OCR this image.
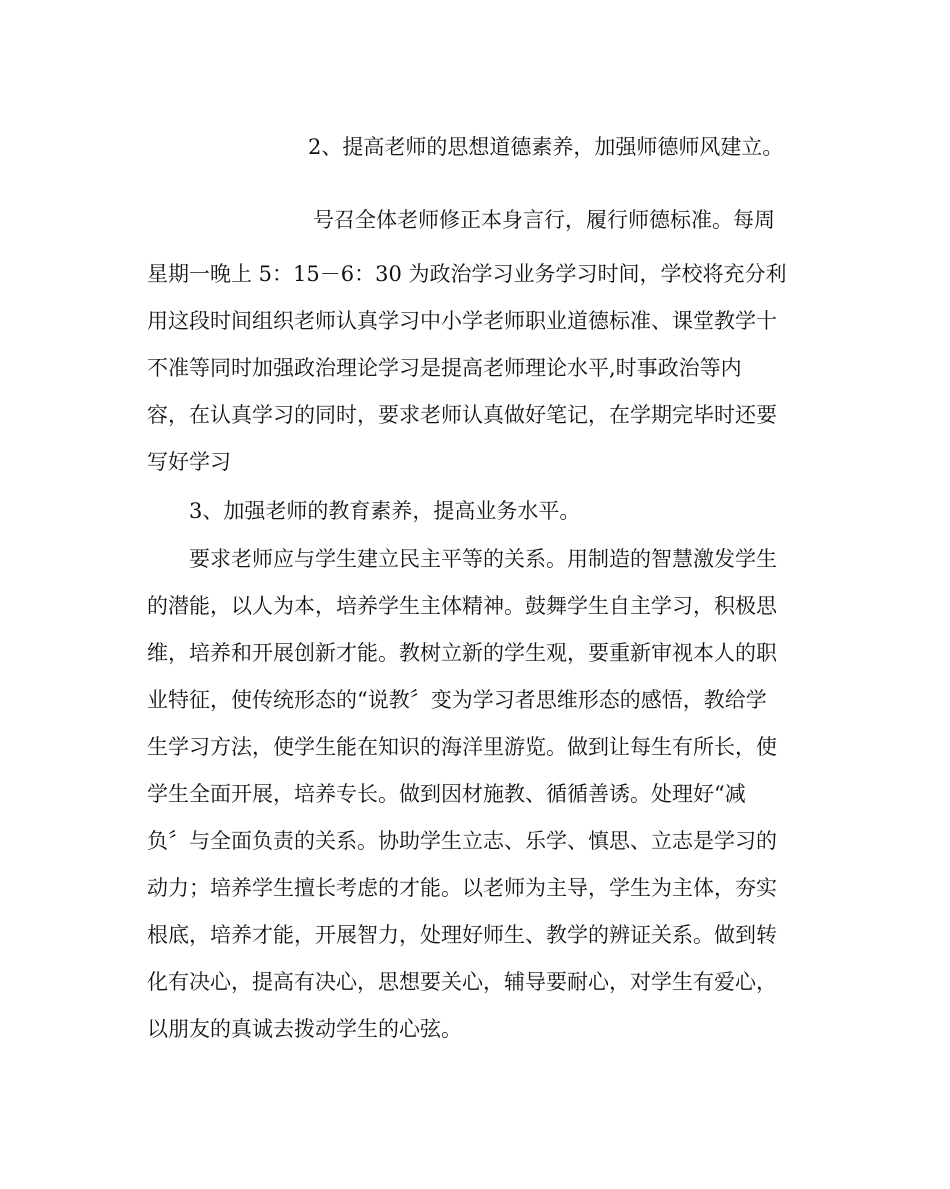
2、提高老师的思想道德素养，加强师德师风建立。
号召全体老师修正本身言行，履行师德标准。每周
星期一晚上 5：15－6：30 为政治学习业务学习时间，学校将充分利
用这段时间组织老师认真学习中小学老师职业道德标准、课堂教学十
不准等同时加强政治理论学习是提高老师理论水平,时事政治等内
容，在认真学习的同时，要求老师认真做好笔记，在学期完毕时还要
写好学习
3、加强老师的教育素养，提高业务水平。
要求老师应与学生建立民主平等的关系。用制造的智慧激发学生
的潜能，以人为本，培养学生主体精神。鼓舞学生自主学习，积极思
维，培养和开展创新才能。教树立新的学生观，要重新审视本人的职
业特征，使传统形态的“说教〞变为学习者思维形态的感悟，教给学
生学习方法，使学生能在知识的海洋里游览。做到让每生有所长，使
学生全面开展，培养专长。做到因材施教、循循善诱。处理好“减
负〞与全面负责的关系。协助学生立志、乐学、慎思、立志是学习的
动力；培养学生擅长考虑的才能。以老师为主导，学生为主体，夯实
根底，培养才能，开展智力，处理好师生、教学的辨证关系。做到转
化有决心，提高有决心，思想要关心，辅导要耐心，对学生有爱心，
以朋友的真诚去拨动学生的心弦。
